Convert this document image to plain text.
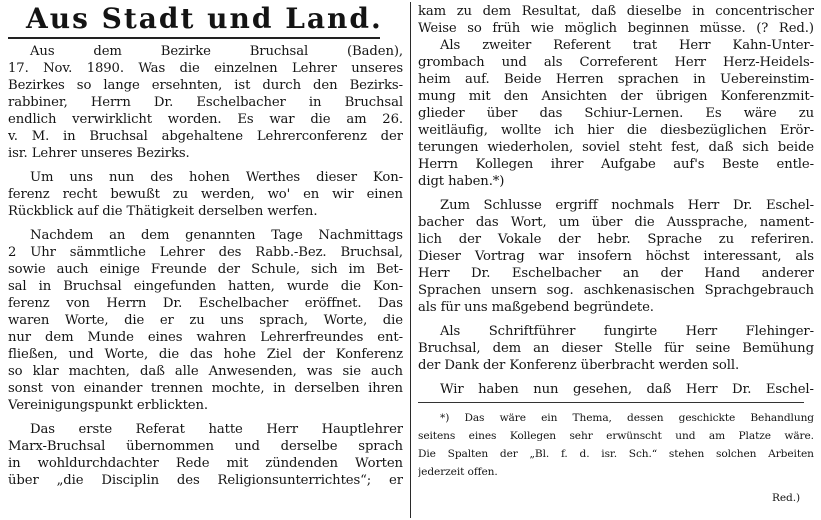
Aus Stadt und Land.
Aus	dem	Bezirke	Bruchsal	(Baden),
17. Nov. 1890. Was die einzelnen Lehrer unseres
Bezirkes so lange ersehnten, ist durch den Bezirks-
rabbiner, Herrn Dr. Eschelbacher in Bruchsal
endlich verwirklicht worden. Es war die am 26.
v. M. in Bruchsal abgehaltene Lehrerconferenz der
isr. Lehrer unseres Bezirks.
Um uns nun des hohen Werthes dieser Kon-
ferenz recht bewußt zu werden, wo' en wir einen
Rückblick auf die Thätigkeit derselben werfen.
Nachdem an dem genannten Tage Nachmittags
2 Uhr sämmtliche Lehrer des Rabb.-Bez. Bruchsal,
sowie auch einige Freunde der Schule, sich im Bet-
sal in Bruchsal eingefunden hatten, wurde die Kon-
ferenz von Herrn Dr. Eschelbacher eröffnet. Das
waren Worte, die er zu uns sprach, Worte, die
nur dem Munde eines wahren Lehrerfreundes ent-
fließen, und Worte, die das hohe Ziel der Konferenz
so klar machten, daß alle Anwesenden, was sie auch
sonst von einander trennen mochte, in derselben ihren
Vereinigungspunkt erblickten.
Das erste Referat hatte Herr Hauptlehrer
Marx-Bruchsal übernommen und derselbe sprach
in wohldurchdachter Rede mit zündenden Worten
über „die Disciplin des Religionsunterrichtes“; er
kam zu dem Resultat, daß dieselbe in concentrischer
Weise so früh wie möglich beginnen müsse. (? Red.)
Als zweiter Referent trat Herr Kahn-Unter-
grombach und als Correferent Herr Herz-Heidels-
heim auf. Beide Herren sprachen in Uebereinstim-
mung mit den Ansichten der übrigen Konferenzmit-
glieder über das Schiur-Lernen. Es wäre zu
weitläufig, wollte ich hier die diesbezüglichen Erör-
terungen wiederholen, soviel steht fest, daß sich beide
Herrn Kollegen ihrer Aufgabe auf's Beste entle-
digt haben.*)
Zum Schlusse ergriff nochmals Herr Dr. Eschel-
bacher das Wort, um über die Aussprache, nament-
lich der Vokale der hebr. Sprache zu referiren.
Dieser Vortrag war insofern höchst interessant, als
Herr Dr. Eschelbacher an der Hand anderer
Sprachen unsern sog. aschkenasischen Sprachgebrauch
als für uns maßgebend begründete.
Als Schriftführer fungirte Herr Flehinger-
Bruchsal, dem an dieser Stelle für seine Bemühung
der Dank der Konferenz überbracht werden soll.
Wir haben nun gesehen, daß Herr Dr. Eschel-
*) Das wäre ein Thema, dessen geschickte Behandlung
seitens eines Kollegen sehr erwünscht und am Platze wäre.
Die Spalten der „Bl. f. d. isr. Sch.“ stehen solchen Arbeiten
jederzeit offen.
Red.)
